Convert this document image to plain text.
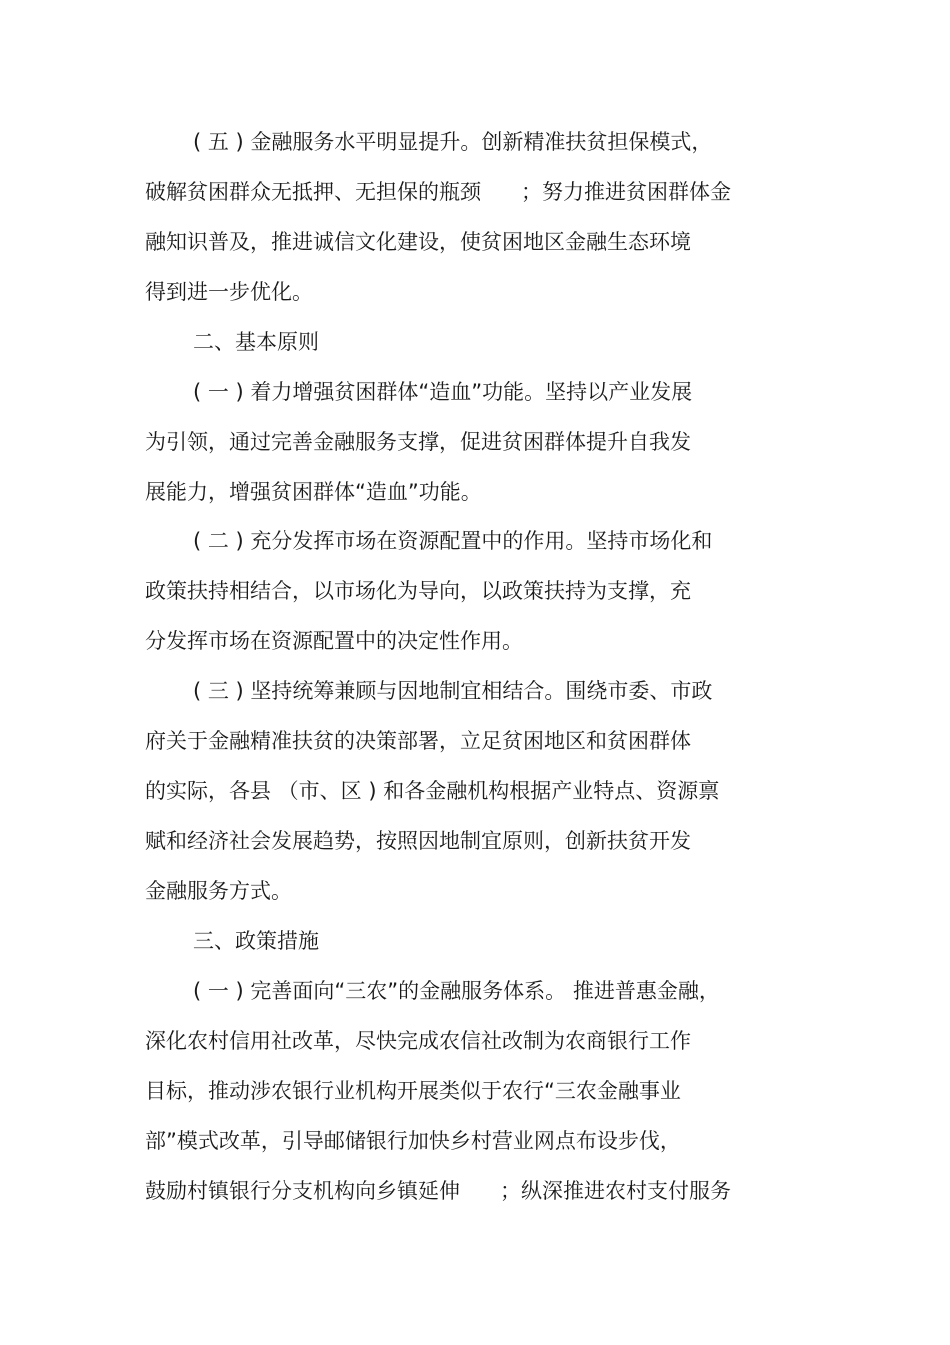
( 五 ) 金融服务水平明显提升。创新精准扶贫担保模式，
破解贫困群众无抵押、无担保的瓶颈      ；努力推进贫困群体金
融知识普及，推进诚信文化建设，使贫困地区金融生态环境
得到进一步优化。
二、基本原则
( 一 ) 着力增强贫困群体“造血”功能。坚持以产业发展
为引领，通过完善金融服务支撑，促进贫困群体提升自我发
展能力，增强贫困群体“造血”功能。
( 二 ) 充分发挥市场在资源配置中的作用。坚持市场化和
政策扶持相结合，以市场化为导向，以政策扶持为支撑，充
分发挥市场在资源配置中的决定性作用。
( 三 ) 坚持统筹兼顾与因地制宜相结合。围绕市委、市政
府关于金融精准扶贫的决策部署，立足贫困地区和贫困群体
的实际，各县 （市、区 ) 和各金融机构根据产业特点、资源禀
赋和经济社会发展趋势，按照因地制宜原则，创新扶贫开发
金融服务方式。
三、政策措施
( 一 ) 完善面向“三农”的金融服务体系。 推进普惠金融，
深化农村信用社改革，尽快完成农信社改制为农商银行工作
目标，推动涉农银行业机构开展类似于农行“三农金融事业
部”模式改革，引导邮储银行加快乡村营业网点布设步伐，
鼓励村镇银行分支机构向乡镇延伸      ；纵深推进农村支付服务
